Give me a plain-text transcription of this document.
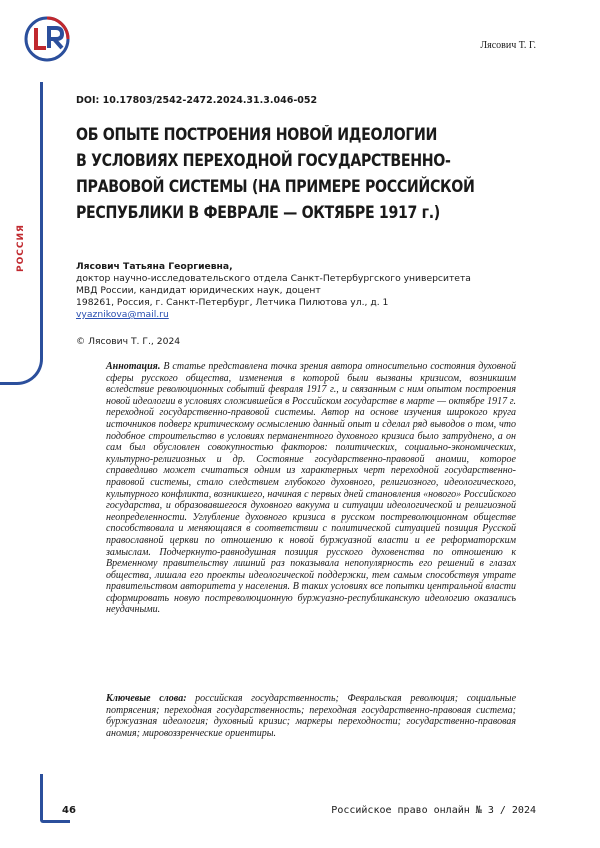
Лясович Т. Г.
РОССИЯ
DOI: 10.17803/2542-2472.2024.31.3.046-052
ОБ ОПЫТЕ ПОСТРОЕНИЯ НОВОЙ ИДЕОЛОГИИ
В УСЛОВИЯХ ПЕРЕХОДНОЙ ГОСУДАРСТВЕННО-
ПРАВОВОЙ СИСТЕМЫ (НА ПРИМЕРЕ РОССИЙСКОЙ
РЕСПУБЛИКИ В ФЕВРАЛЕ — ОКТЯБРЕ 1917 г.)
Лясович Татьяна Георгиевна,
доктор научно-исследовательского отдела Санкт-Петербургского университета
МВД России, кандидат юридических наук, доцент
198261, Россия, г. Санкт-Петербург, Летчика Пилютова ул., д. 1
vyaznikova@mail.ru
© Лясович Т. Г., 2024

Аннотация. В статье представлена точка зрения автора относительно состояния духовной сферы русского общества, изменения в которой были вызваны кризисом, возникшим вследствие революционных событий февраля 1917 г., и связанным с ним опытом построения новой идеологии в условиях сложившейся в Российском государстве в марте — октябре 1917 г. переходной государственно-правовой системы. Автор на основе изучения широкого круга источников подверг критическому осмыслению данный опыт и сделал ряд выводов о том, что подобное строительство в условиях перманентного духовного кризиса было затруднено, а он сам был обусловлен совокупностью факторов: политических, социально-экономических, культурно-религиозных и др. Состояние государственно-правовой аномии, которое справедливо может считаться одним из характерных черт переходной государственно-правовой системы, стало следствием глубокого духовного, религиозного, идеологического, культурного конфликта, возникшего, начиная с первых дней становления «нового» Российского государства, и образовавшегося духовного вакуума и ситуации идеологической и религиозной неопределенности. Углубление духовного кризиса в русском постреволюционном обществе способствовала и меняющаяся в соответствии с политической ситуацией позиция Русской православной церкви по отношению к новой буржуазной власти и ее реформаторским замыслам. Подчеркнуто-равнодушная позиция русского духовенства по отношению к Временному правительству лишний раз показывала непопулярность его решений в глазах общества, лишала его проекты идеологической поддержки, тем самым способствуя утрате правительством авторитета у населения. В таких условиях все попытки центральной власти сформировать новую постреволюционную буржуазно-республиканскую идеологию оказались неудачными.

Ключевые слова: российская государственность; Февральская революция; социальные потрясения; переходная государственность; переходная государственно-правовая система; буржуазная идеология; духовный кризис; маркеры переходности; государственно-правовая аномия; мировоззренческие ориентиры.

46	Российское право онлайн № 3 / 2024
